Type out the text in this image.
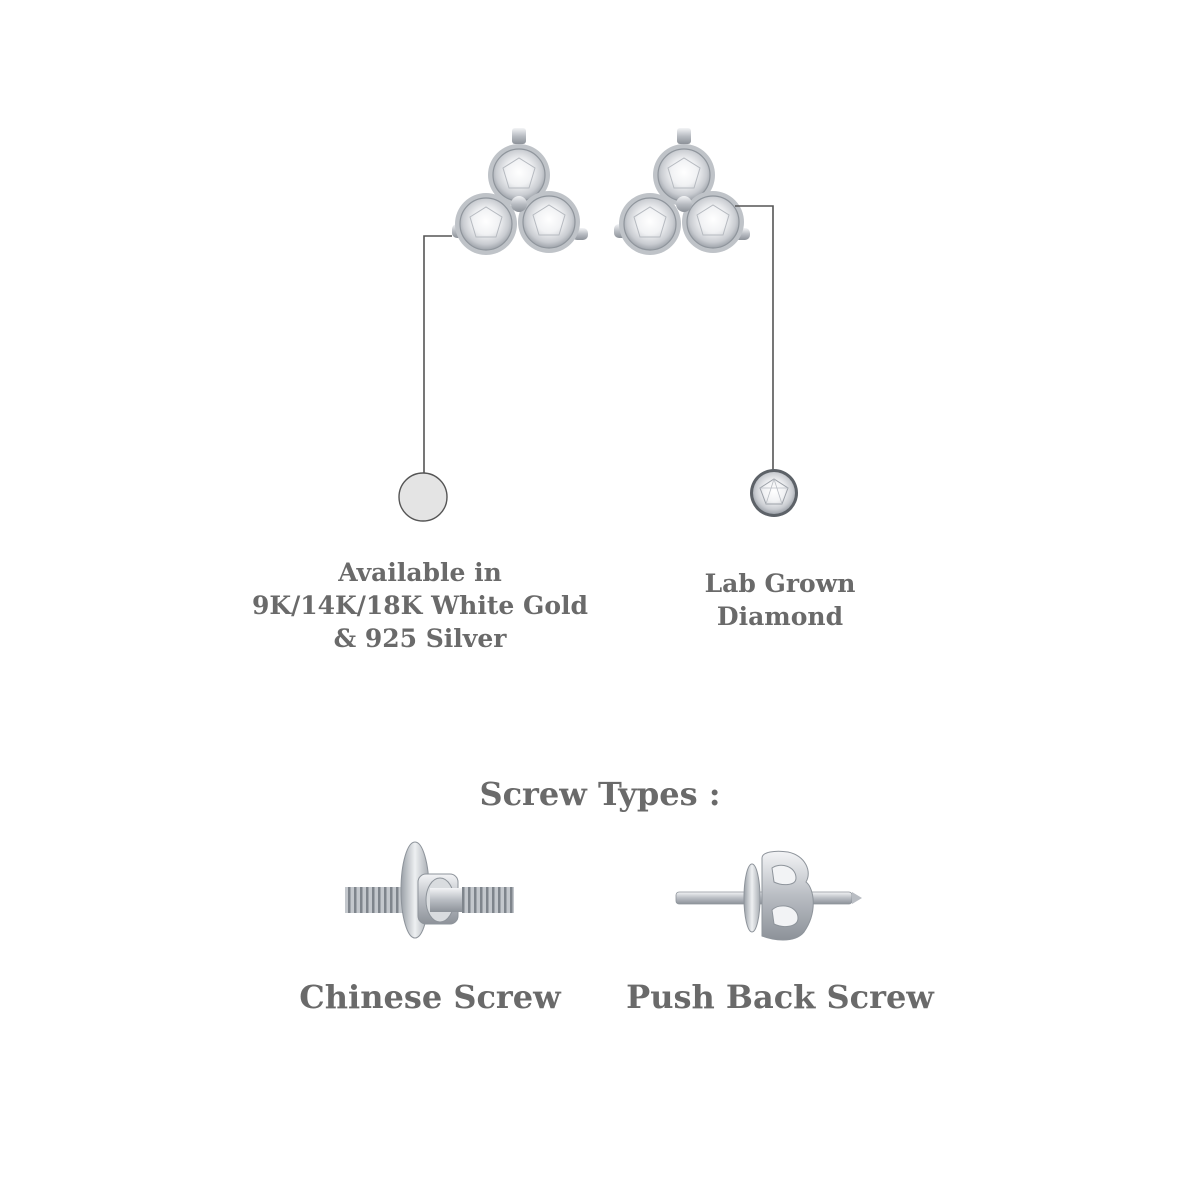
Available in
9K/14K/18K White Gold
& 925 Silver
Lab Grown
Diamond
Screw Types :
Chinese Screw	Push Back Screw
